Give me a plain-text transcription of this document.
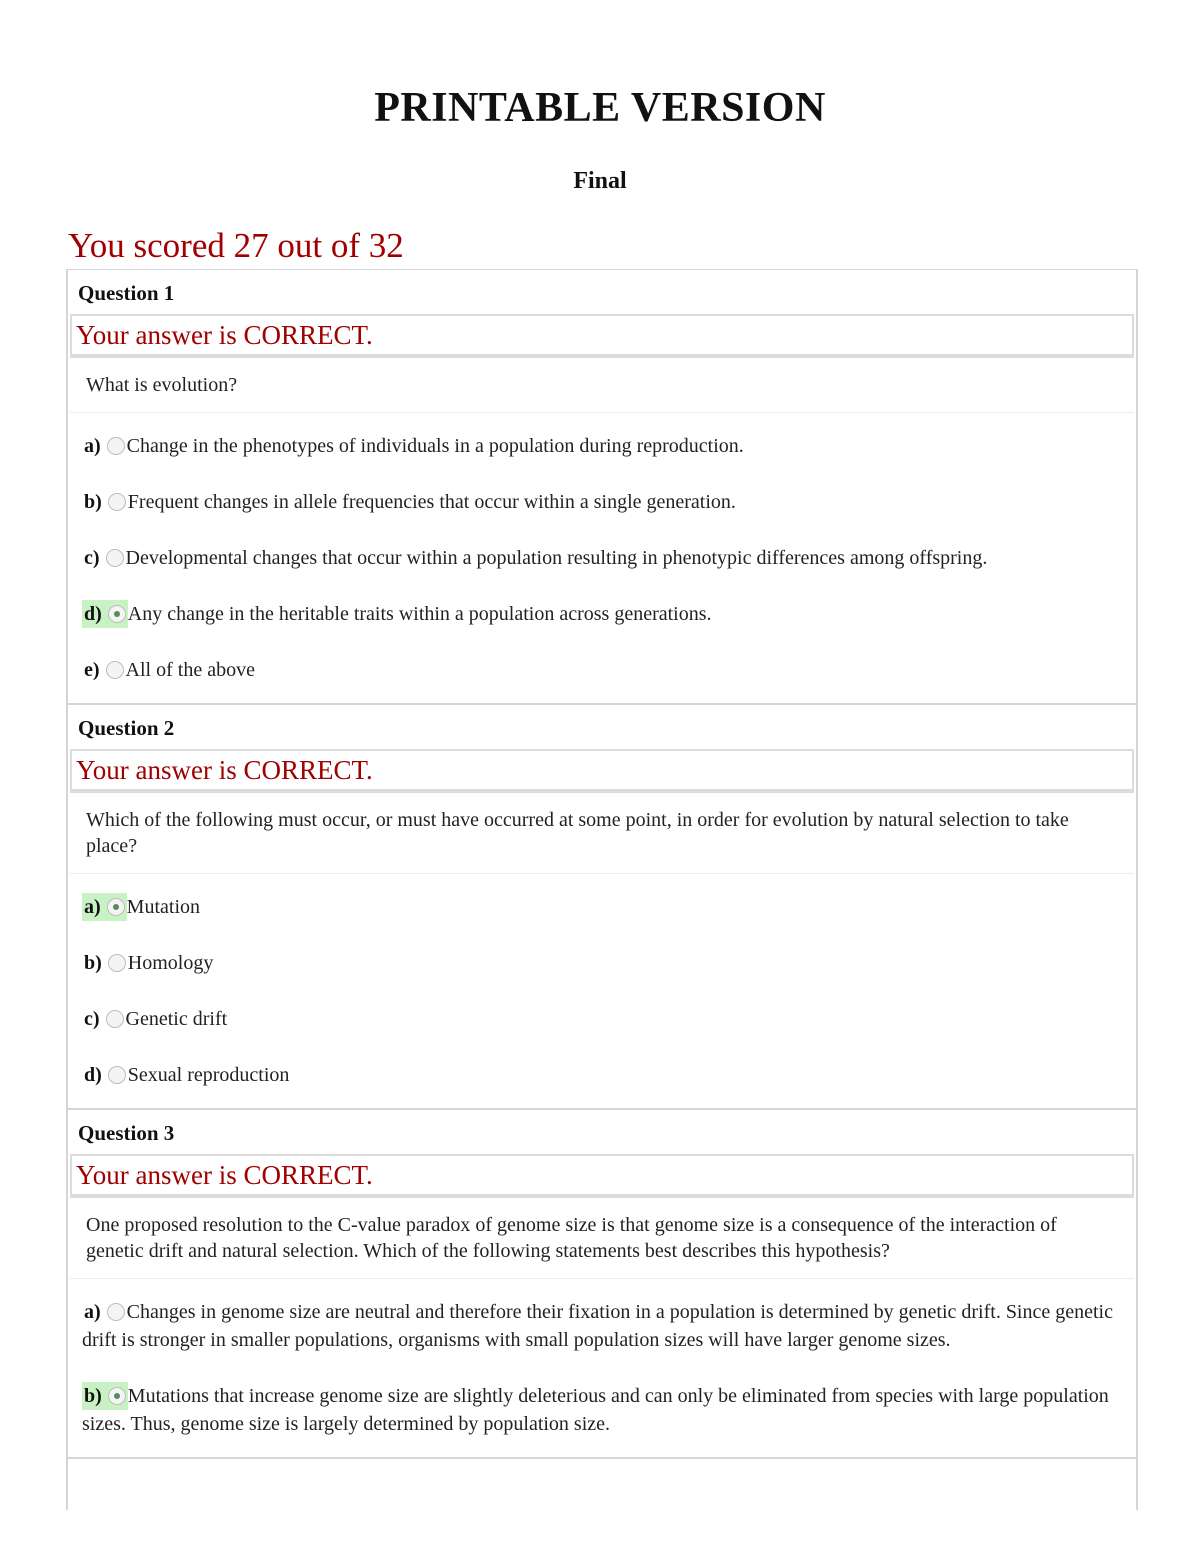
PRINTABLE VERSION
Final
You scored 27 out of 32
Question 1
Your answer is CORRECT.
What is evolution?
a) Change in the phenotypes of individuals in a population during reproduction.
b) Frequent changes in allele frequencies that occur within a single generation.
c) Developmental changes that occur within a population resulting in phenotypic differences among offspring.
d) Any change in the heritable traits within a population across generations.
e) All of the above
Question 2
Your answer is CORRECT.
Which of the following must occur, or must have occurred at some point, in order for evolution by natural selection to take place?
a) Mutation
b) Homology
c) Genetic drift
d) Sexual reproduction
Question 3
Your answer is CORRECT.
One proposed resolution to the C-value paradox of genome size is that genome size is a consequence of the interaction of genetic drift and natural selection. Which of the following statements best describes this hypothesis?
a) Changes in genome size are neutral and therefore their fixation in a population is determined by genetic drift. Since genetic drift is stronger in smaller populations, organisms with small population sizes will have larger genome sizes.
b) Mutations that increase genome size are slightly deleterious and can only be eliminated from species with large population sizes. Thus, genome size is largely determined by population size.
